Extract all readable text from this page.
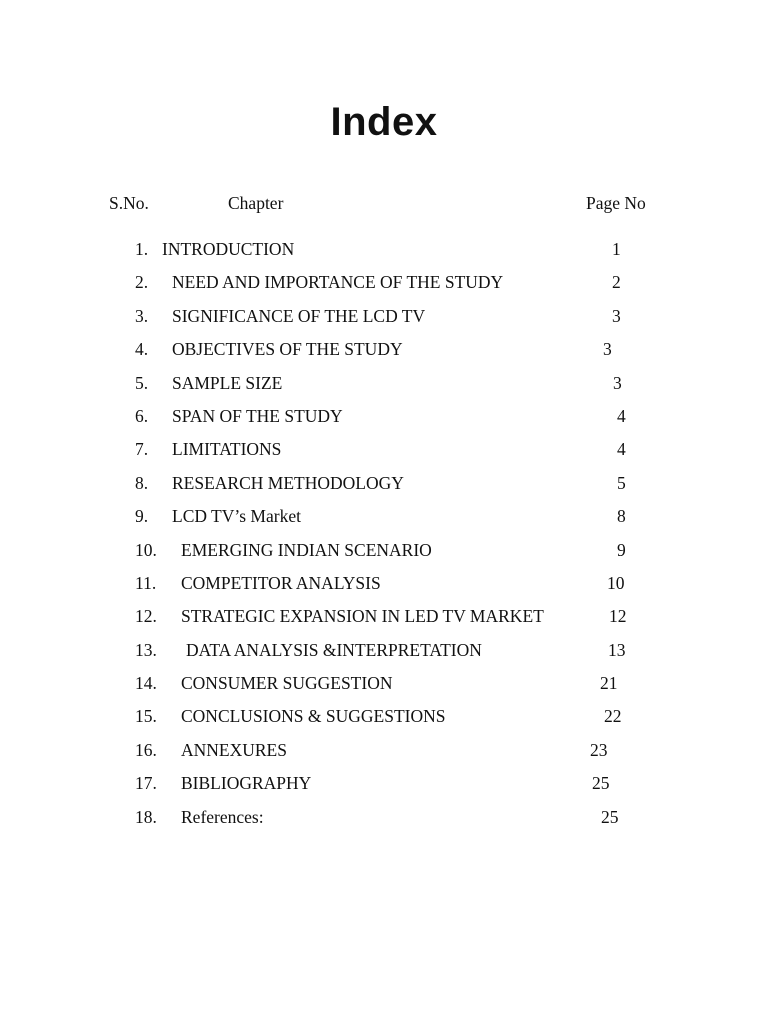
Index
S.No.	Chapter	Page No
1. INTRODUCTION	1
2. NEED AND IMPORTANCE OF THE STUDY	2
3. SIGNIFICANCE OF THE LCD TV	3
4. OBJECTIVES OF THE STUDY	3
5. SAMPLE SIZE	3
6. SPAN OF THE STUDY	4
7. LIMITATIONS	4
8. RESEARCH METHODOLOGY	5
9. LCD TV’s Market	8
10. EMERGING INDIAN SCENARIO	9
11. COMPETITOR ANALYSIS	10
12. STRATEGIC EXPANSION IN LED TV MARKET	12
13. DATA ANALYSIS &INTERPRETATION	13
14. CONSUMER SUGGESTION	21
15. CONCLUSIONS & SUGGESTIONS	22
16. ANNEXURES	23
17. BIBLIOGRAPHY	25
18. References:	25
